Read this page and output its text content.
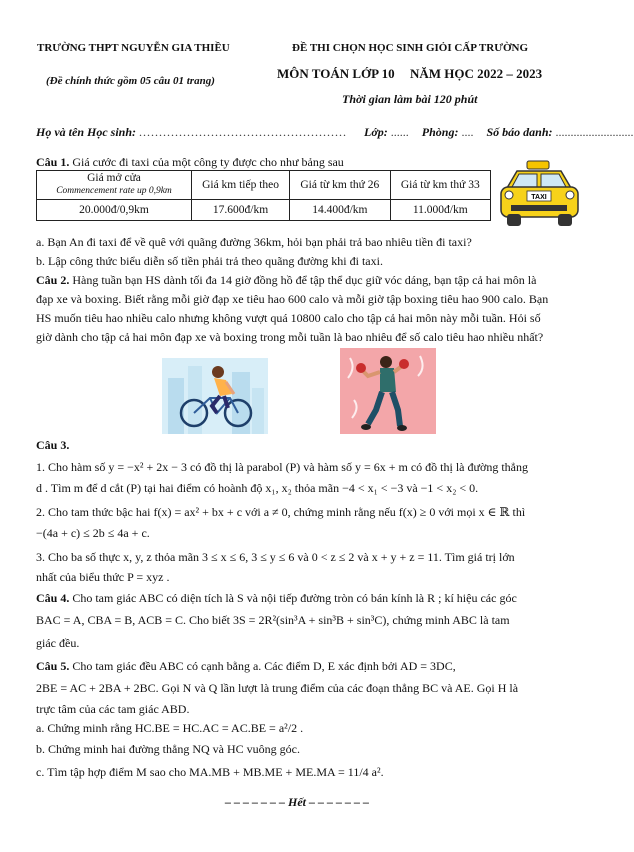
TRƯỜNG THPT NGUYỄN GIA THIỀU
(Đề chính thức gồm 05 câu 01 trang)
ĐỀ THI CHỌN HỌC SINH GIỎI CẤP TRƯỜNG
MÔN TOÁN LỚP 10 NĂM HỌC 2022 – 2023
Thời gian làm bài 120 phút
Họ và tên Học sinh: .................................................... Lớp: ...... Phòng: .... Số báo danh: ..........................
Câu 1. Giá cước đi taxi của một công ty được cho như bảng sau
Giá mở cửa
Commencement rate up 0,9km	Giá km tiếp theo	Giá từ km thứ 26	Giá từ km thứ 33
20.000đ/0,9km	17.600đ/km	14.400đ/km	11.000đ/km
TAXI
a. Bạn An đi taxi để về quê với quãng đường 36km, hỏi bạn phải trả bao nhiêu tiền đi taxi?
b. Lập công thức biểu diễn số tiền phải trả theo quãng đường khi đi taxi.
Câu 2. Hàng tuần bạn HS dành tối đa 14 giờ đồng hồ để tập thể dục giữ vóc dáng, bạn tập cả hai môn là
đạp xe và boxing. Biết rằng mỗi giờ đạp xe tiêu hao 600 calo và mỗi giờ tập boxing tiêu hao 900 calo. Bạn
HS muốn tiêu hao nhiều calo nhưng không vượt quá 10800 calo cho tập cả hai môn này mỗi tuần. Hỏi số
giờ dành cho tập cả hai môn đạp xe và boxing trong mỗi tuần là bao nhiêu để số calo tiêu hao nhiều nhất?
Câu 3.
1. Cho hàm số y = −x² + 2x − 3 có đồ thị là parabol (P) và hàm số y = 6x + m có đồ thị là đường thẳng
d . Tìm m để d cắt (P) tại hai điểm có hoành độ x₁, x₂ thỏa mãn −4 < x₁ < −3 và −1 < x₂ < 0.
2. Cho tam thức bậc hai f(x) = ax² + bx + c với a ≠ 0, chứng minh rằng nếu f(x) ≥ 0 với mọi x ∈ ℝ thì
−(4a + c) ≤ 2b ≤ 4a + c.
3. Cho ba số thực x, y, z thỏa mãn 3 ≤ x ≤ 6, 3 ≤ y ≤ 6 và 0 < z ≤ 2 và x + y + z = 11. Tìm giá trị lớn
nhất của biểu thức P = xyz .
Câu 4. Cho tam giác ABC có diện tích là S và nội tiếp đường tròn có bán kính là R ; kí hiệu các góc
BAC = A, CBA = B, ACB = C. Cho biết 3S = 2R²(sin³A + sin³B + sin³C), chứng minh ABC là tam
giác đều.
Câu 5. Cho tam giác đều ABC có cạnh bằng a. Các điểm D, E xác định bởi AD = 3DC,
2BE = AC + 2BA + 2BC. Gọi N và Q lần lượt là trung điểm của các đoạn thẳng BC và AE. Gọi H là
trực tâm của các tam giác ABD.
a. Chứng minh rằng HC.BE = HC.AC = AC.BE = a²/2 .
b. Chứng minh hai đường thẳng NQ và HC vuông góc.
c. Tìm tập hợp điểm M sao cho MA.MB + MB.ME + ME.MA = 11/4 a².
– – – – – – – Hết – – – – – – –
